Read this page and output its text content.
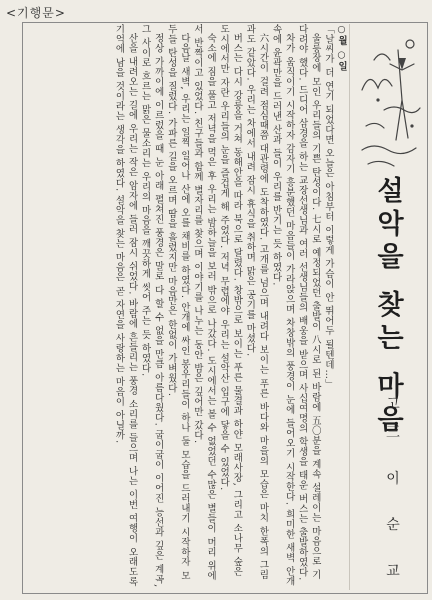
<기행문>

○월 ○일

「날씨가 더 연기 되었다면 오늘은 아침부터 이렇게 가슴이 안 뛰어두 될텐데…」

울릉장에 모인 우리들의 기쁜 탄성이다. 七시로 예정되었던 출발이 八시로 된 바람에 五〇분을 계속 설레이는 마음으로 기다려야 했다. 드디어 삼경을 하는 교장선생님과 여러 선생님들의 배웅을 받으며 사십여명의 학생을 태운 버스는 출발하였다.

차가 움직이기 시작하자 감자기 흥분했던 마음들이 가라앉으며 차창밖의 풍경이 눈에 들어오기 시작한다. 희미한 새벽 안개 속에 윤곽만을 드러낸 산과 들이 우리를 반기는 듯 하였다.

六시간이 걸려 점심때쯤 대관령에 도착하였다. 고개를 넘으며 내려다 보이는 푸른 바다와 마을의 모습은 마치 한폭의 그림과도 같았다. 우리는 차에서 내려 잠시 휴식을 취하며 맑은 공기를 마셨다.

버스는 다시 강릉을 거쳐 동해안을 따라 북으로 달렸다. 창밖으로 보이는 푸른 물결과 하얀 모래사장, 그리고 소나무 숲은 도시에서만 자란 우리들의 눈을 즐겁게 해 주었다. 저녁 무렵에야 우리는 설악산 입구에 닿을 수 있었다.

숙소에 짐을 풀고 저녁을 먹은 후 우리는 밤하늘을 보러 밖으로 나갔다. 도시에서는 볼 수 없었던 수많은 별들이 머리 위에서 반짝이고 있었다. 친구들과 함께 별자리를 찾으며 이야기를 나누는 동안 밤은 깊어만 갔다.

다음날 새벽, 우리는 일찍 일어나 산에 오를 채비를 하였다. 안개에 싸인 봉우리들이 하나 둘 모습을 드러내기 시작하자 모두들 탄성을 질렀다. 가파른 길을 오르며 땀을 흘렸지만 마음만은 한없이 가벼웠다.

정상 가까이에 이르렀을 때 눈 아래 펼쳐진 풍경은 말로 다 할 수 없을 만큼 아름다웠다. 굽이굽이 이어진 능선과 깊은 계곡, 그 사이로 흐르는 맑은 물소리는 우리의 마음을 깨끗하게 씻어 주는 듯 하였다.

산을 내려오는 길에 우리는 작은 암자에 들러 잠시 쉬었다. 바람에 흔들리는 풍경 소리를 들으며 나는 이번 여행이 오래도록 기억에 남을 것이라는 생각을 하였다. 설악을 찾는 마음은 곧 자연을 사랑하는 마음이 아닐까.	설악을 찾는 마음
고三 이 순 교
